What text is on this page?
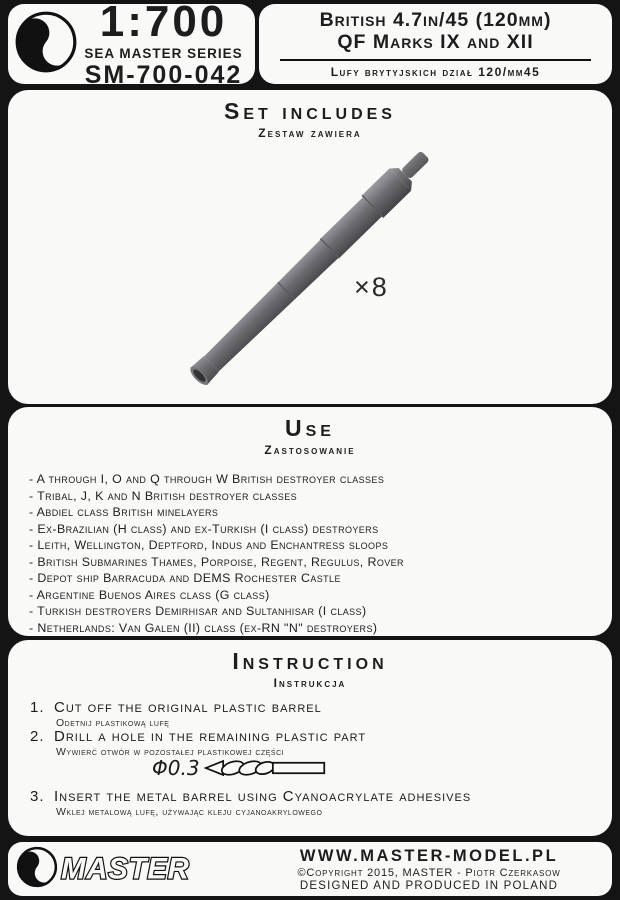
1:700
SEA MASTER SERIES
SM-700-042
British 4.7in/45 (120mm)
QF Marks IX and XII
Lufy brytyjskich dział 120/mm45
Set includes
Zestaw zawiera
×8
Use
Zastosowanie
- A through I, O and Q through W British destroyer classes
- Tribal, J, K and N British destroyer classes
- Abdiel class British minelayers
- Ex-Brazilian (H class) and ex-Turkish (I class) destroyers
- Leith, Wellington, Deptford, Indus and Enchantress sloops
- British Submarines Thames, Porpoise, Regent, Regulus, Rover
- Depot ship Barracuda and DEMS Rochester Castle
- Argentine Buenos Aires class (G class)
- Turkish destroyers Demirhisar and Sultanhisar (I class)
- Netherlands: Van Galen (II) class (ex-RN "N" destroyers)
Instruction
Instrukcja
1. Cut off the original plastic barrel
Odetnij plastikową lufę
2. Drill a hole in the remaining plastic part
Wywierć otwór w pozostałej plastikowej części
Φ0.3
3. Insert the metal barrel using Cyanoacrylate adhesives
Wklej metalową lufę, używając kleju cyjanoakrylowego
MASTER	WWW.MASTER-MODEL.PL
©Copyright 2015, MASTER - Piotr Czerkasow
DESIGNED AND PRODUCED IN POLAND
